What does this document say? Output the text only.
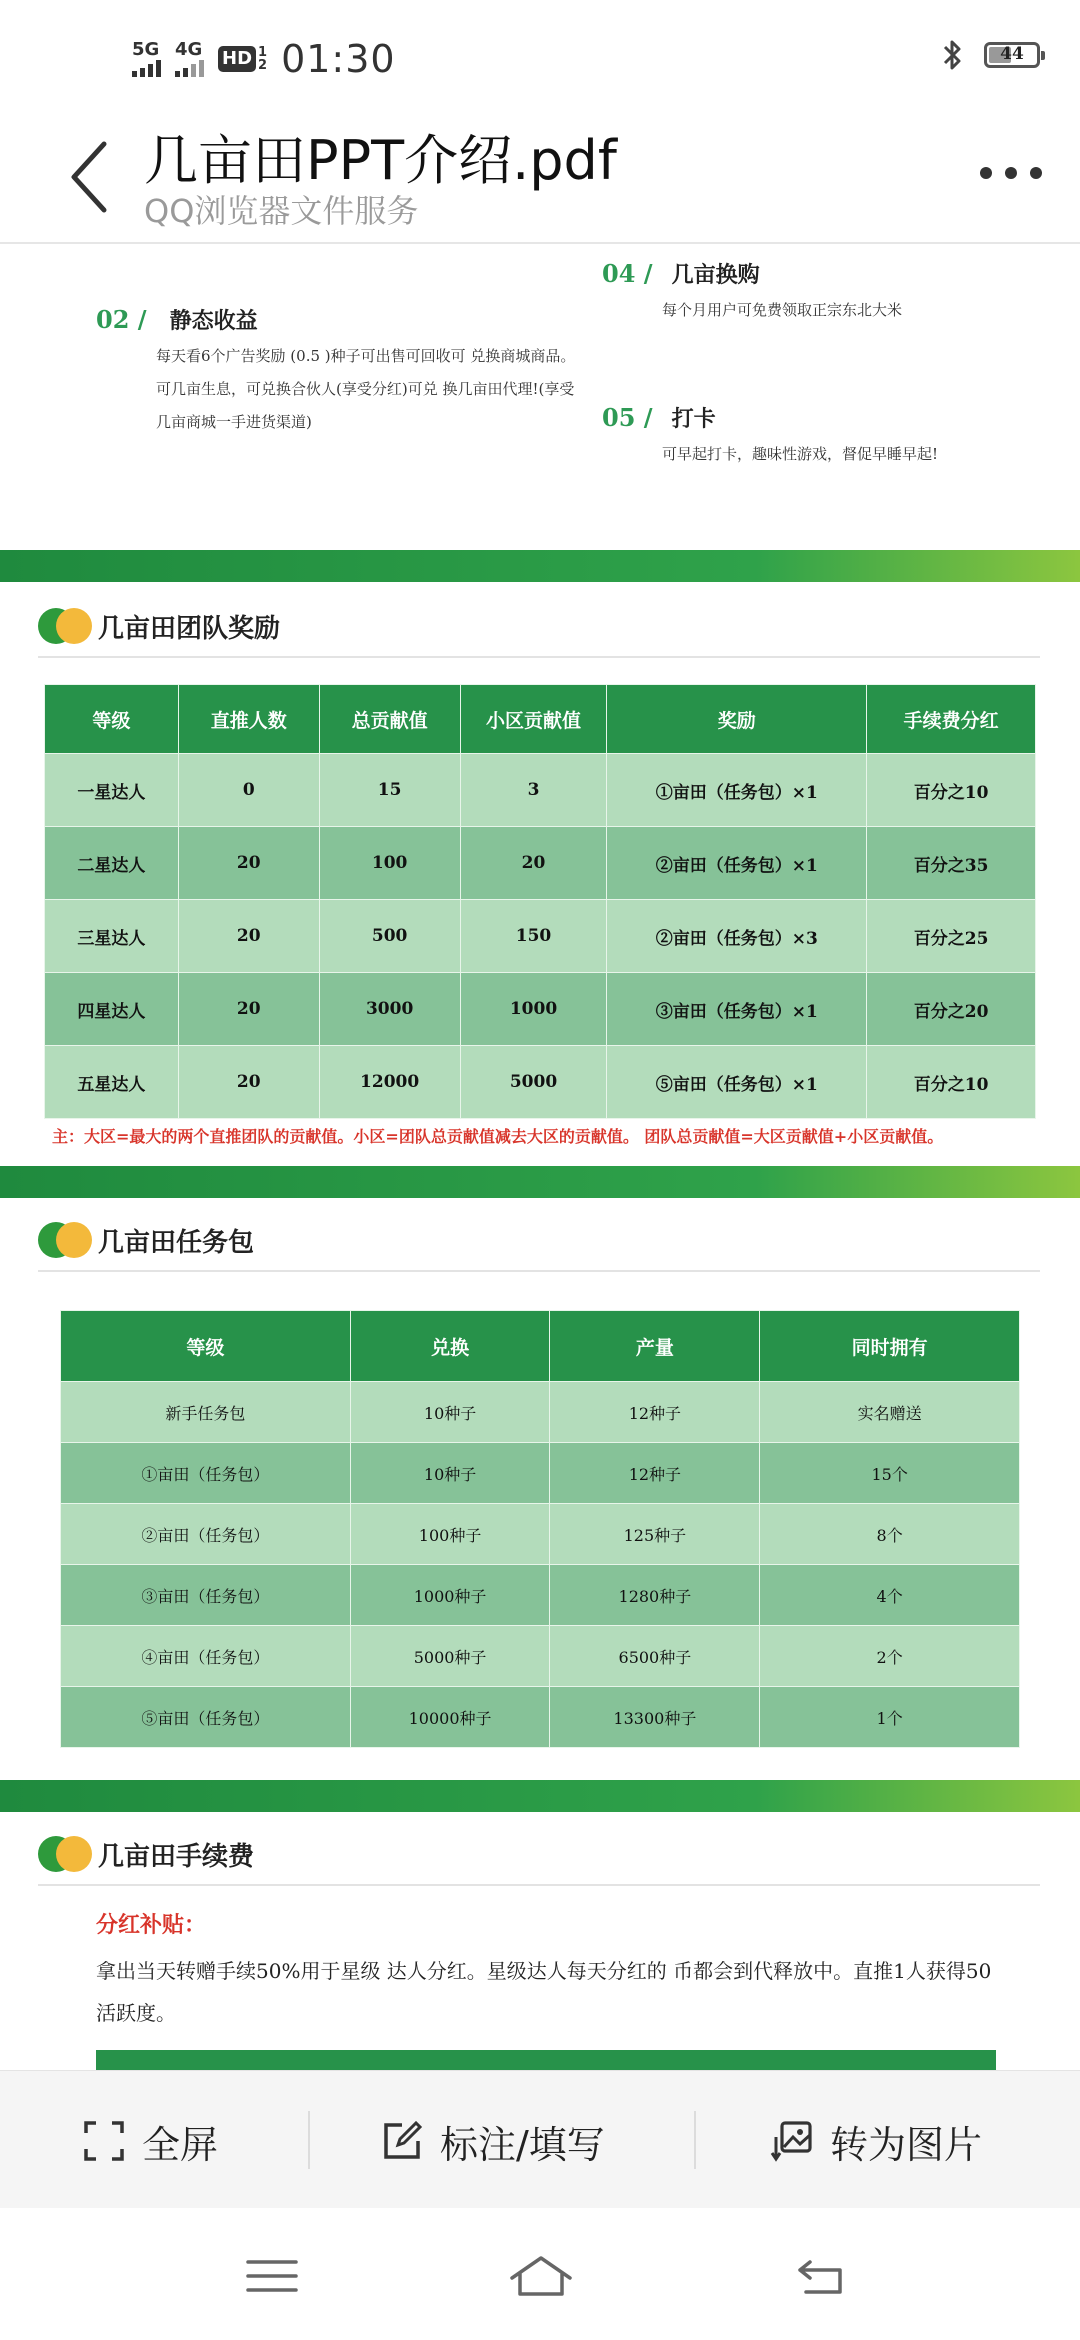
5G 4G HD 1
2 01:30	44
几亩田PPT介绍.pdf
QQ浏览器文件服务
02 / 静态收益
每天看6个广告奖励 (0.5 )种子可出售可回收可 兑换商城商品。
可几亩生息，可兑换合伙人(享受分红)可兑 换几亩田代理!(享受
几亩商城一手进货渠道)
04 / 几亩换购
每个月用户可免费领取正宗东北大米
05 / 打卡
可早起打卡，趣味性游戏，督促早睡早起!
几亩田团队奖励
等级	直推人数	总贡献值	小区贡献值	奖励	手续费分红
一星达人	0	15	3	①亩田（任务包）×1	百分之10
二星达人	20	100	20	②亩田（任务包）×1	百分之35
三星达人	20	500	150	②亩田（任务包）×3	百分之25
四星达人	20	3000	1000	③亩田（任务包）×1	百分之20
五星达人	20	12000	5000	⑤亩田（任务包）×1	百分之10
主：大区=最大的两个直推团队的贡献值。小区=团队总贡献值减去大区的贡献值。 团队总贡献值=大区贡献值+小区贡献值。
几亩田任务包
等级	兑换	产量	同时拥有
新手任务包	10种子	12种子	实名赠送
①亩田（任务包）	10种子	12种子	15个
②亩田（任务包）	100种子	125种子	8个
③亩田（任务包）	1000种子	1280种子	4个
④亩田（任务包）	5000种子	6500种子	2个
⑤亩田（任务包）	10000种子	13300种子	1个
几亩田手续费
分红补贴：
拿出当天转赠手续50%用于星级 达人分红。星级达人每天分红的 币都会到代释放中。直推1人获得50活跃度。
全屏	标注/填写	转为图片
